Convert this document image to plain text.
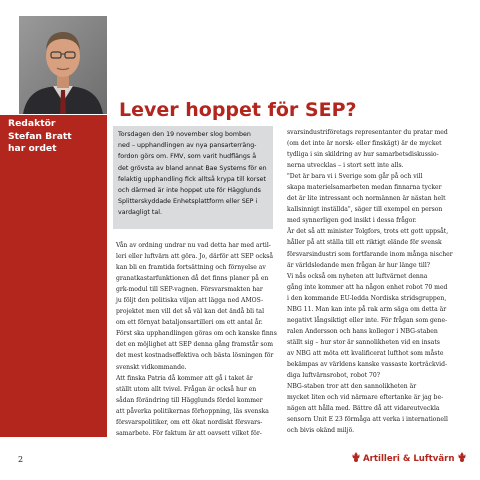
Redaktör
Stefan Bratt
har ordet
Lever hoppet för SEP?
Torsdagen den 19 november slog bomben
ned – upphandlingen av nya pansarterräng-
fordon görs om. FMV, som varit hudflängs å
det grövsta av bland annat Bae Systems för en
felaktig upphandling fick alltså krypa till korset
och därmed är inte hoppet ute för Hägglunds
Splitterskyddade Enhetsplattform eller SEP i
vardagligt tal.
Vån av ordning undrar nu vad detta har med artil-
leri eller luftvärn att göra. Jo, därför att SEP också
kan bli en framtida fortsättning och förnyelse av
granatkastarfunktionen då det finns planer på en
grk-modul till SEP-vagnen. Försvarsmakten har
ju följt den politiska viljan att lägga ned AMOS-
projektet men vill det så väl kan det ändå bli tal
om ett förnyat bataljonsartilleri om ett antal år.
Först ska upphandlingen göras om och kanske finns
det en möjlighet att SEP denna gång framstår som
det mest kostnadseffektiva och bästa lösningen för
svenskt vidkommande.
Att finska Patria då kommer att gå i taket är
ställt utom allt tvivel. Frågan är också hur en
sådan förändring till Hägglunds fördel kommer
att påverka politikernas förhoppning, läs svenska
försvarspolitiker, om ett ökat nordiskt försvars-
samarbete. För faktum är att oavsett vilket för-
svarsindustriföretags representanter du pratar med
(om det inte är norsk- eller finskägt) är de mycket
tydliga i sin skildring av hur samarbetsdiskussio-
nerna utvecklas – i stort sett inte alls.
"Det är bara vi i Sverige som går på och vill
skapa materielsamarbeten medan finnarna tycker
det är lite intressant och normännen är nästan helt
kallsinnigt inställda", säger till exempel en person
med synnerligen god insikt i dessa frågor.
Är det så att minister Tolgfors, trots ett gott uppsåt,
håller på att ställa till ett riktigt elände för svensk
försvarsindustri som fortfarande inom många nischer
är världsledande men frågan är hur länge till?
Vi nås också om nyheten att luftvärnet denna
gång inte kommer att ha någon enhet robot 70 med
i den kommande EU-ledda Nordiska stridsgruppen,
NBG 11. Man kan inte på rak arm säga om detta är
negativt långsiktigt eller inte. För frågan som gene-
ralen Andersson och hans kollegor i NBG-staben
ställt sig – hur stor är sannolikheten vid en insats
av NBG att möta ett kvalificerat lufthot som måste
bekämpas av världens kanske vassaste kortrâckvid-
diga luftvärnsrobot, robot 70?
NBG-staben tror att den sannolikheten är
mycket liten och vid närmare eftertanke är jag be-
nägen att hålla med. Bättre då att vidareutveckla
sensorn Unit E 23 förmåga att verka i internationell
och bivis okänd miljö.
2	Artilleri & Luftvärn
